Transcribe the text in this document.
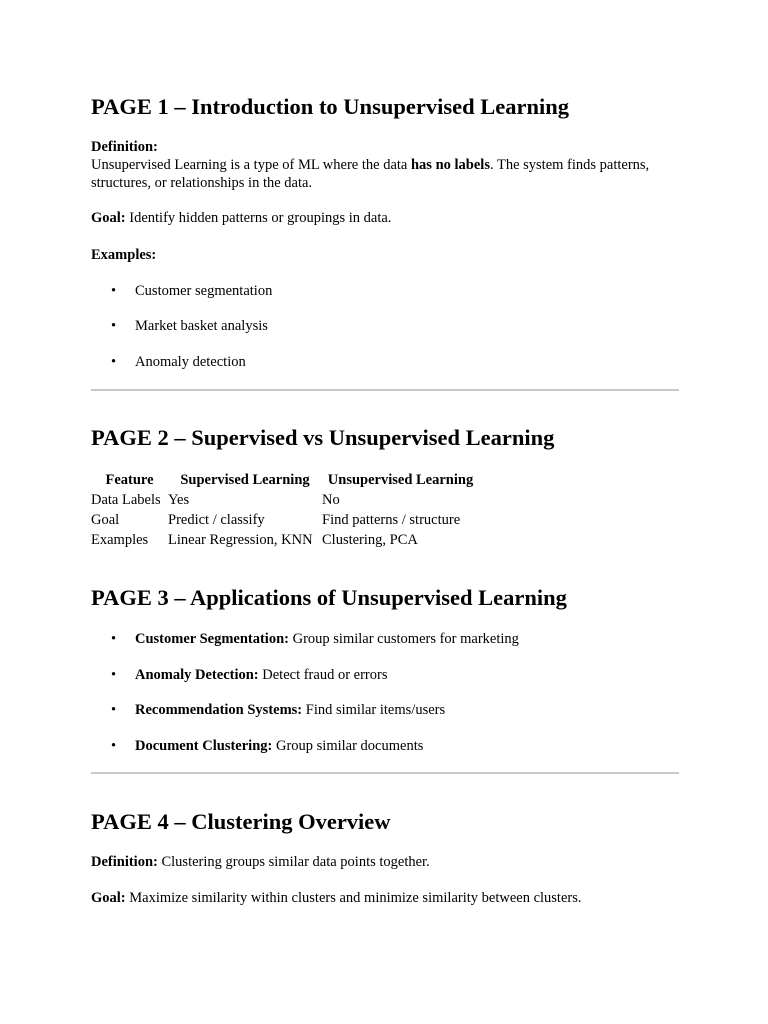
PAGE 1 – Introduction to Unsupervised Learning

Definition:

Unsupervised Learning is a type of ML where the data has no labels. The system finds patterns, structures, or relationships in the data.

Goal: Identify hidden patterns or groupings in data.

Examples:

• Customer segmentation
• Market basket analysis
• Anomaly detection
PAGE 2 – Supervised vs Unsupervised Learning
Feature	Supervised Learning	Unsupervised Learning
Data Labels	Yes	No
Goal	Predict / classify	Find patterns / structure
Examples	Linear Regression, KNN	Clustering, PCA
PAGE 3 – Applications of Unsupervised Learning
• Customer Segmentation: Group similar customers for marketing
• Anomaly Detection: Detect fraud or errors
• Recommendation Systems: Find similar items/users
• Document Clustering: Group similar documents
PAGE 4 – Clustering Overview

Definition: Clustering groups similar data points together.

Goal: Maximize similarity within clusters and minimize similarity between clusters.
